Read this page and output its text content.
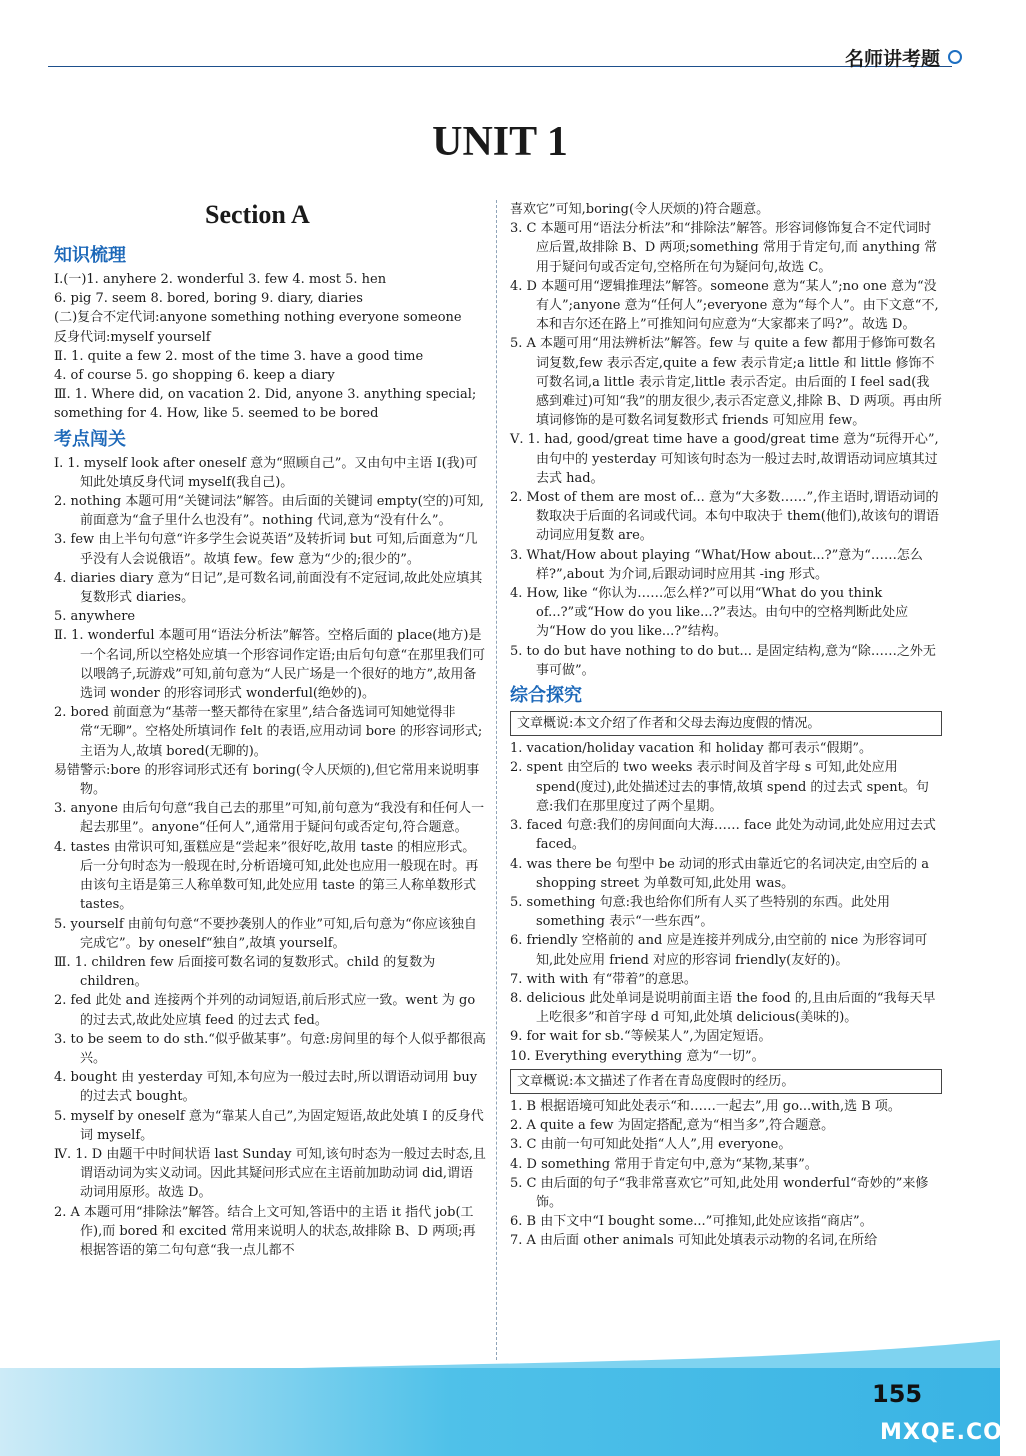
名师讲考题
UNIT 1
Section A
知识梳理

Ⅰ.(一)1. anyhere 2. wonderful 3. few 4. most 5. hen

6. pig 7. seem 8. bored, boring 9. diary, diaries

(二)复合不定代词:anyone something nothing everyone someone

反身代词:myself yourself

Ⅱ. 1. quite a few 2. most of the time 3. have a good time

4. of course 5. go shopping 6. keep a diary

Ⅲ. 1. Where did, on vacation 2. Did, anyone 3. anything special;

something for 4. How, like 5. seemed to be bored

考点闯关

Ⅰ. 1. myself look after oneself 意为“照顾自己”。又由句中主语 I(我)可知此处填反身代词 myself(我自己)。

2. nothing 本题可用“关键词法”解答。由后面的关键词 empty(空的)可知,前面意为“盒子里什么也没有”。nothing 代词,意为“没有什么”。

3. few 由上半句句意“许多学生会说英语”及转折词 but 可知,后面意为“几乎没有人会说俄语”。故填 few。few 意为“少的;很少的”。

4. diaries diary 意为“日记”,是可数名词,前面没有不定冠词,故此处应填其复数形式 diaries。

5. anywhere

Ⅱ. 1. wonderful 本题可用“语法分析法”解答。空格后面的 place(地方)是一个名词,所以空格处应填一个形容词作定语;由后句句意“在那里我们可以喂鸽子,玩游戏”可知,前句意为“人民广场是一个很好的地方”,故用备选词 wonder 的形容词形式 wonderful(绝妙的)。

2. bored 前面意为“基蒂一整天都待在家里”,结合备选词可知她觉得非常“无聊”。空格处所填词作 felt 的表语,应用动词 bore 的形容词形式;主语为人,故填 bored(无聊的)。

易错警示:bore 的形容词形式还有 boring(令人厌烦的),但它常用来说明事物。

3. anyone 由后句句意“我自己去的那里”可知,前句意为“我没有和任何人一起去那里”。anyone“任何人”,通常用于疑问句或否定句,符合题意。

4. tastes 由常识可知,蛋糕应是“尝起来”很好吃,故用 taste 的相应形式。后一分句时态为一般现在时,分析语境可知,此处也应用一般现在时。再由该句主语是第三人称单数可知,此处应用 taste 的第三人称单数形式 tastes。

5. yourself 由前句句意“不要抄袭别人的作业”可知,后句意为“你应该独自完成它”。by oneself“独自”,故填 yourself。

Ⅲ. 1. children few 后面接可数名词的复数形式。child 的复数为 children。

2. fed 此处 and 连接两个并列的动词短语,前后形式应一致。went 为 go 的过去式,故此处应填 feed 的过去式 fed。

3. to be seem to do sth.“似乎做某事”。句意:房间里的每个人似乎都很高兴。

4. bought 由 yesterday 可知,本句应为一般过去时,所以谓语动词用 buy 的过去式 bought。

5. myself by oneself 意为“靠某人自己”,为固定短语,故此处填 I 的反身代词 myself。

Ⅳ. 1. D 由题干中时间状语 last Sunday 可知,该句时态为一般过去时态,且谓语动词为实义动词。因此其疑问形式应在主语前加助动词 did,谓语动词用原形。故选 D。

2. A 本题可用“排除法”解答。结合上文可知,答语中的主语 it 指代 job(工作),而 bored 和 excited 常用来说明人的状态,故排除 B、D 两项;再根据答语的第二句句意“我一点儿都不

喜欢它”可知,boring(令人厌烦的)符合题意。

3. C 本题可用“语法分析法”和“排除法”解答。形容词修饰复合不定代词时应后置,故排除 B、D 两项;something 常用于肯定句,而 anything 常用于疑问句或否定句,空格所在句为疑问句,故选 C。

4. D 本题可用“逻辑推理法”解答。someone 意为“某人”;no one 意为“没有人”;anyone 意为“任何人”;everyone 意为“每个人”。由下文意“不,本和吉尔还在路上”可推知问句应意为“大家都来了吗?”。故选 D。

5. A 本题可用“用法辨析法”解答。few 与 quite a few 都用于修饰可数名词复数,few 表示否定,quite a few 表示肯定;a little 和 little 修饰不可数名词,a little 表示肯定,little 表示否定。由后面的 I feel sad(我感到难过)可知“我”的朋友很少,表示否定意义,排除 B、D 两项。再由所填词修饰的是可数名词复数形式 friends 可知应用 few。

Ⅴ. 1. had, good/great time have a good/great time 意为“玩得开心”,由句中的 yesterday 可知该句时态为一般过去时,故谓语动词应填其过去式 had。

2. Most of them are most of... 意为“大多数……”,作主语时,谓语动词的数取决于后面的名词或代词。本句中取决于 them(他们),故该句的谓语动词应用复数 are。

3. What/How about playing “What/How about...?”意为“……怎么样?”,about 为介词,后跟动词时应用其 -ing 形式。

4. How, like “你认为……怎么样?”可以用“What do you think of...?”或“How do you like...?”表达。由句中的空格判断此处应为“How do you like...?”结构。

5. to do but have nothing to do but... 是固定结构,意为“除……之外无事可做”。

综合探究
文章概说:本文介绍了作者和父母去海边度假的情况。

1. vacation/holiday vacation 和 holiday 都可表示“假期”。

2. spent 由空后的 two weeks 表示时间及首字母 s 可知,此处应用 spend(度过),此处描述过去的事情,故填 spend 的过去式 spent。句意:我们在那里度过了两个星期。

3. faced 句意:我们的房间面向大海…… face 此处为动词,此处应用过去式 faced。

4. was there be 句型中 be 动词的形式由靠近它的名词决定,由空后的 a shopping street 为单数可知,此处用 was。

5. something 句意:我也给你们所有人买了些特别的东西。此处用 something 表示“一些东西”。

6. friendly 空格前的 and 应是连接并列成分,由空前的 nice 为形容词可知,此处应用 friend 对应的形容词 friendly(友好的)。

7. with with 有“带着”的意思。

8. delicious 此处单词是说明前面主语 the food 的,且由后面的“我每天早上吃很多”和首字母 d 可知,此处填 delicious(美味的)。

9. for wait for sb.“等候某人”,为固定短语。

10. Everything everything 意为“一切”。

文章概说:本文描述了作者在青岛度假时的经历。

1. B 根据语境可知此处表示“和……一起去”,用 go...with,选 B 项。

2. A quite a few 为固定搭配,意为“相当多”,符合题意。

3. C 由前一句可知此处指“人人”,用 everyone。

4. D something 常用于肯定句中,意为“某物,某事”。

5. C 由后面的句子“我非常喜欢它”可知,此处用 wonderful“奇妙的”来修饰。

6. B 由下文中“I bought some...”可推知,此处应该指“商店”。

7. A 由后面 other animals 可知此处填表示动物的名词,在所给

155
MXQE.COM
